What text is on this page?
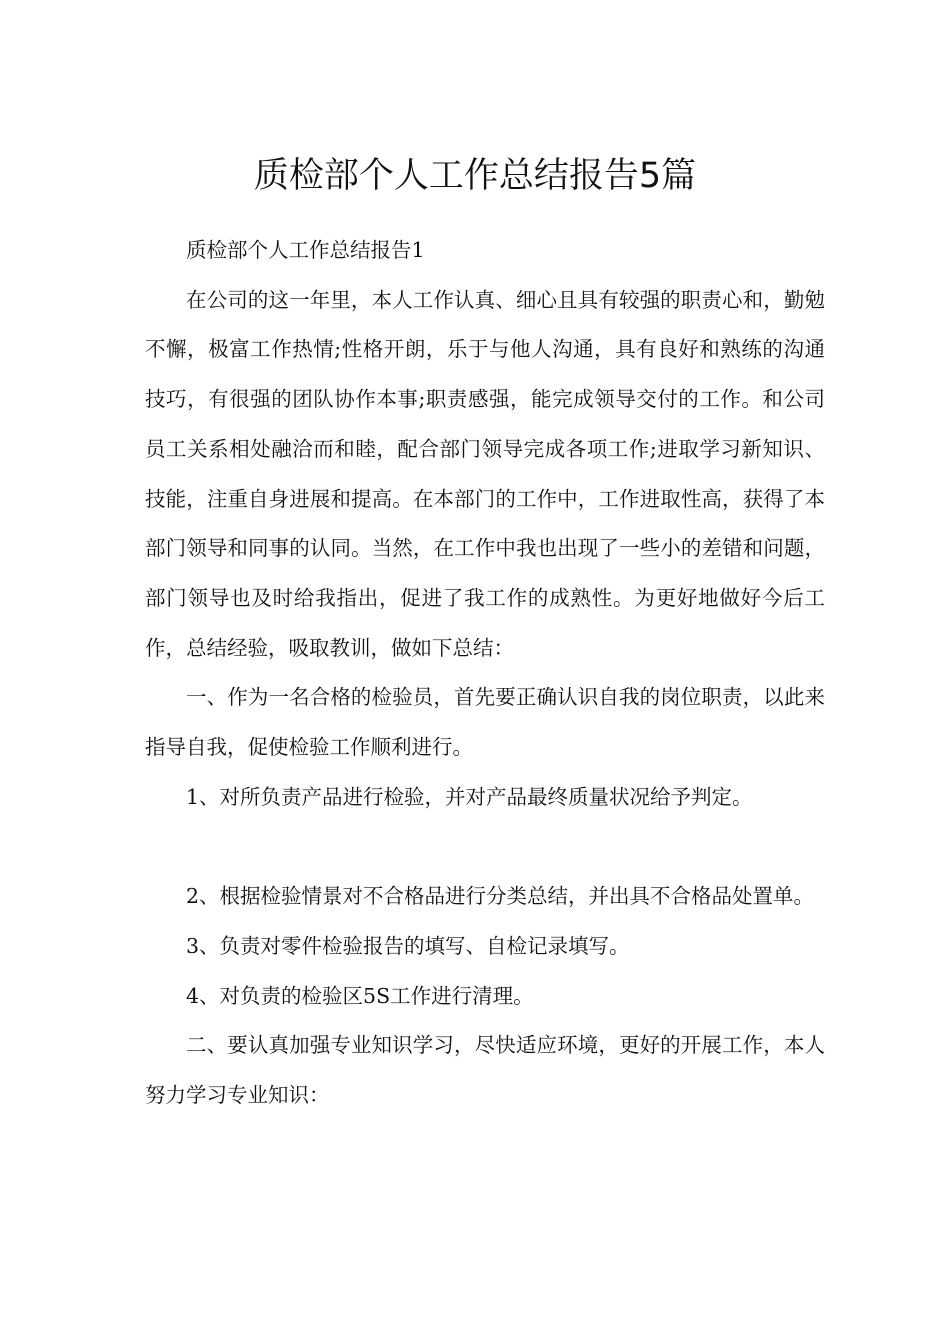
质检部个人工作总结报告5篇

质检部个人工作总结报告1

在公司的这一年里，本人工作认真、细心且具有较强的职责心和，勤勉不懈，极富工作热情;性格开朗，乐于与他人沟通，具有良好和熟练的沟通技巧，有很强的团队协作本事;职责感强，能完成领导交付的工作。和公司员工关系相处融洽而和睦，配合部门领导完成各项工作;进取学习新知识、技能，注重自身进展和提高。在本部门的工作中，工作进取性高，获得了本部门领导和同事的认同。当然，在工作中我也出现了一些小的差错和问题，部门领导也及时给我指出，促进了我工作的成熟性。为更好地做好今后工作，总结经验，吸取教训，做如下总结：

一、作为一名合格的检验员，首先要正确认识自我的岗位职责，以此来指导自我，促使检验工作顺利进行。

1、对所负责产品进行检验，并对产品最终质量状况给予判定。

2、根据检验情景对不合格品进行分类总结，并出具不合格品处置单。

3、负责对零件检验报告的填写、自检记录填写。

4、对负责的检验区5S工作进行清理。

二、要认真加强专业知识学习，尽快适应环境，更好的开展工作，本人努力学习专业知识：
